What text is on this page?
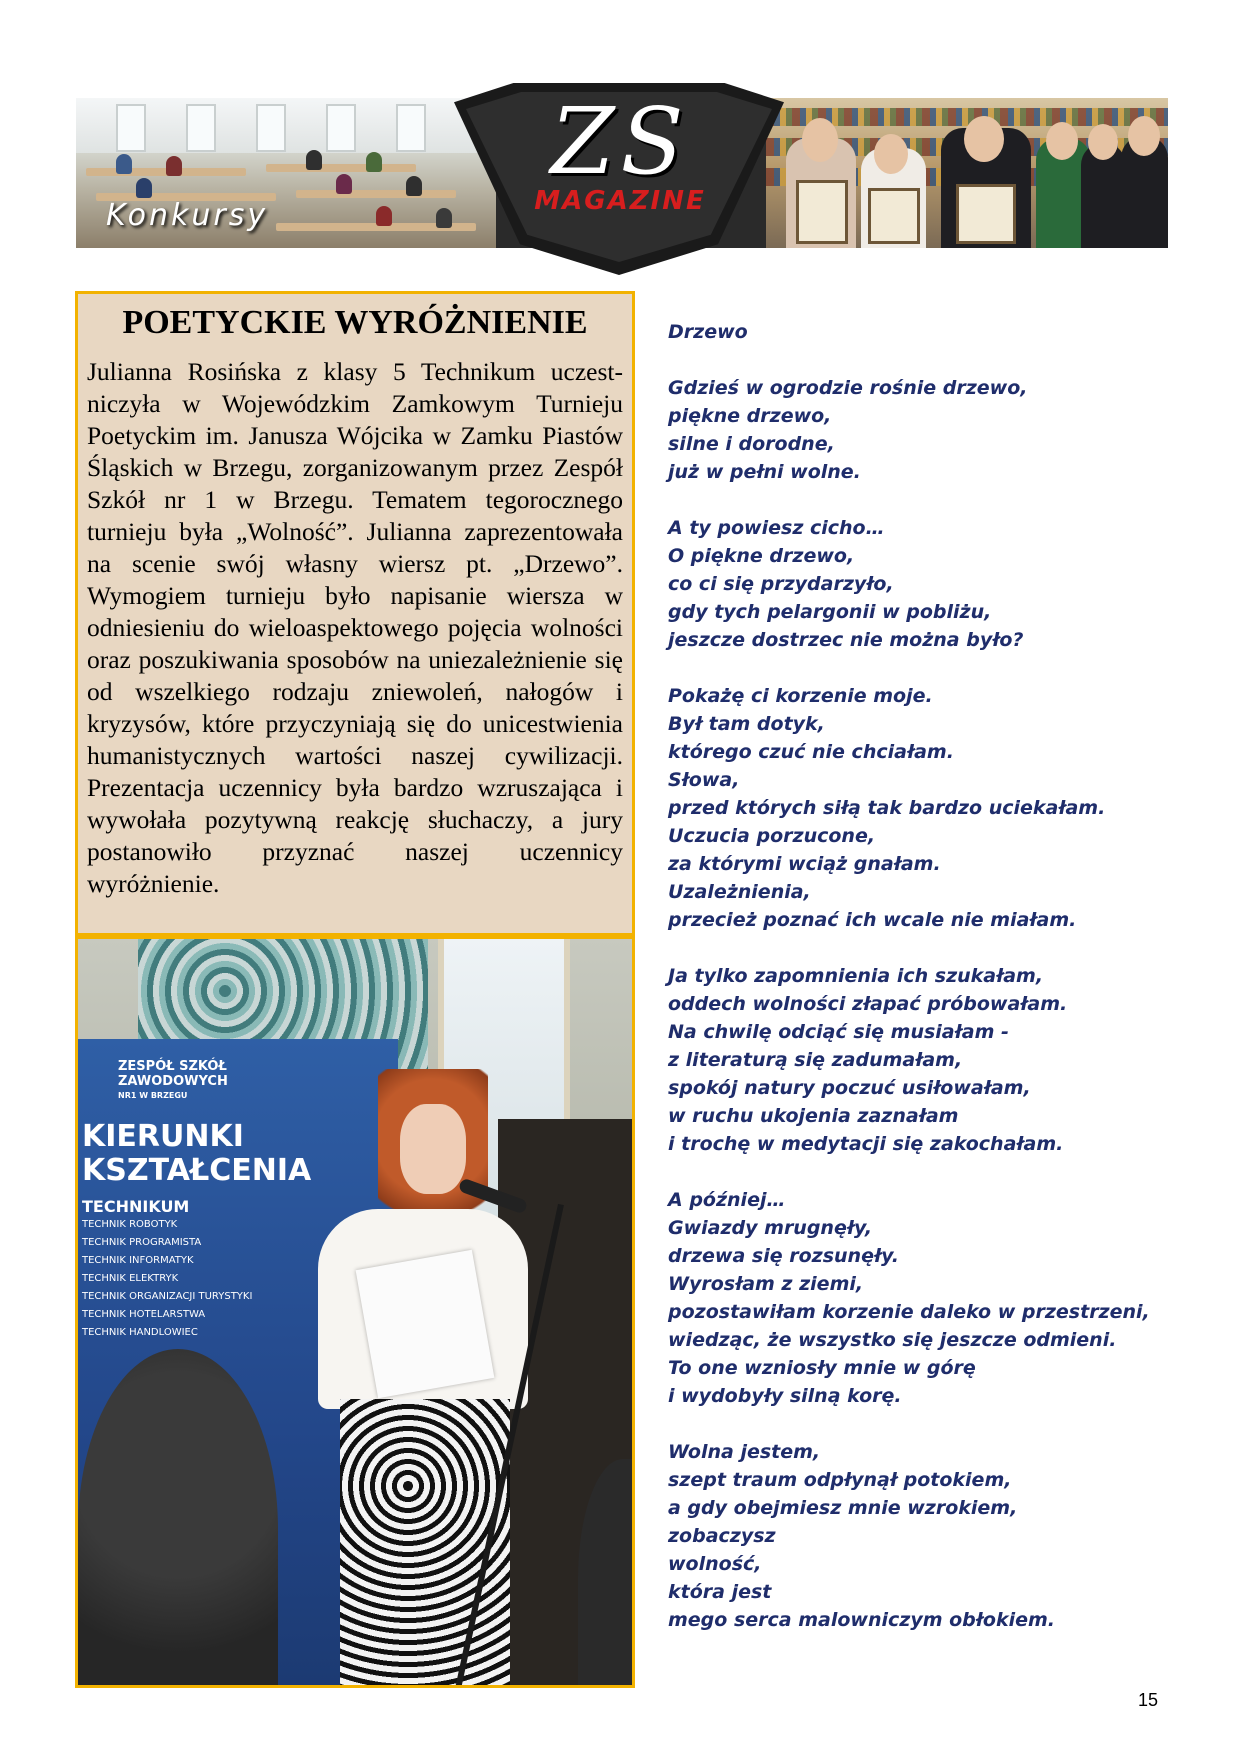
Konkursy
ZS
MAGAZINE
POETYCKIE WYRÓŻNIENIE
Julianna Rosińska z klasy 5 Technikum uczestniczyła w Wojewódzkim Zamkowym Turnieju Poetyckim im. Janusza Wójcika w Zamku Piastów Śląskich w Brzegu, zorganizowanym przez Zespół Szkół nr 1 w Brzegu. Tematem tegorocznego turnieju była „Wolność”. Julianna zaprezentowała na scenie swój własny wiersz pt. „Drzewo”. Wymogiem turnieju było napisanie wiersza w odniesieniu do wieloaspektowego pojęcia wolności oraz poszukiwania sposobów na uniezależnienie się od wszelkiego rodzaju zniewoleń, nałogów i kryzysów, które przyczyniają się do unicestwienia humanistycznych wartości naszej cywilizacji. Prezentacja uczennicy była bardzo wzruszająca i wywołała pozytywną reakcję słuchaczy, a jury postanowiło przyznać naszej uczennicy wyróżnienie.
ZESPÓŁ SZKÓŁ ZAWODOWYCH
NR1 W BRZEGU
KIERUNKI
KSZTAŁCENIA
TECHNIKUM
TECHNIK ROBOTYK
TECHNIK PROGRAMISTA
TECHNIK INFORMATYK
TECHNIK ELEKTRYK
TECHNIK ORGANIZACJI TURYSTYKI
TECHNIK HOTELARSTWA
TECHNIK HANDLOWIEC
Drzewo
Gdzieś w ogrodzie rośnie drzewo,
piękne drzewo,
silne i dorodne,
już w pełni wolne.
A ty powiesz cicho…
O piękne drzewo,
co ci się przydarzyło,
gdy tych pelargonii w pobliżu,
jeszcze dostrzec nie można było?
Pokażę ci korzenie moje.
Był tam dotyk,
którego czuć nie chciałam.
Słowa,
przed których siłą tak bardzo uciekałam.
Uczucia porzucone,
za którymi wciąż gnałam.
Uzależnienia,
przecież poznać ich wcale nie miałam.
Ja tylko zapomnienia ich szukałam,
oddech wolności złapać próbowałam.
Na chwilę odciąć się musiałam -
z literaturą się zadumałam,
spokój natury poczuć usiłowałam,
w ruchu ukojenia zaznałam
i trochę w medytacji się zakochałam.
A później…
Gwiazdy mrugnęły,
drzewa się rozsunęły.
Wyrosłam z ziemi,
pozostawiłam korzenie daleko w przestrzeni,
wiedząc, że wszystko się jeszcze odmieni.
To one wzniosły mnie w górę
i wydobyły silną korę.
Wolna jestem,
szept traum odpłynął potokiem,
a gdy obejmiesz mnie wzrokiem,
zobaczysz
wolność,
która jest
mego serca malowniczym obłokiem.
15
